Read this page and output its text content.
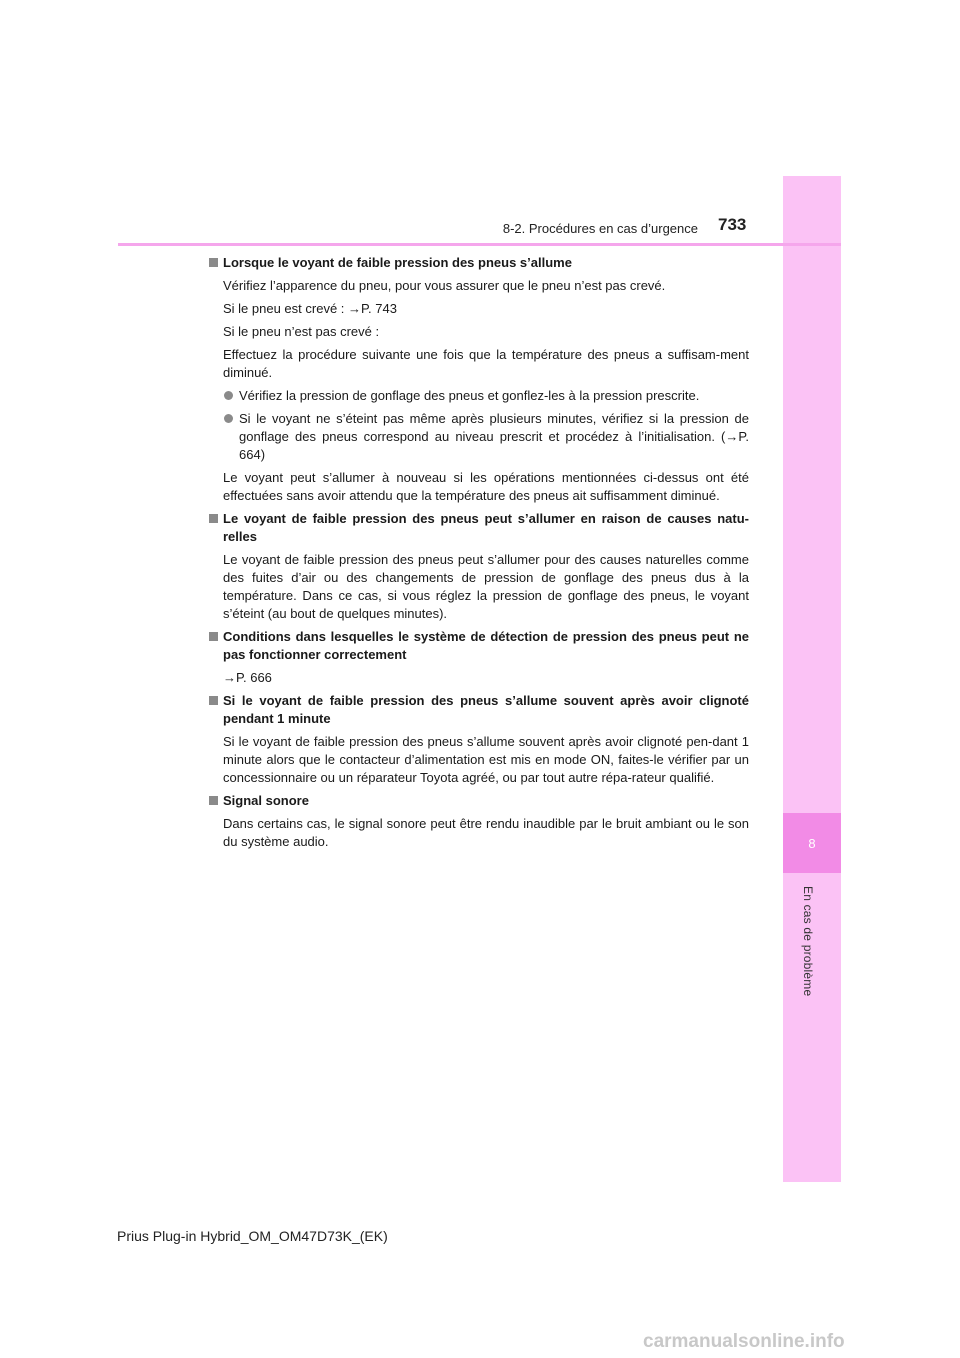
8
En cas de problème
8-2. Procédures en cas d’urgence 733
Lorsque le voyant de faible pression des pneus s’allume
Vérifiez l’apparence du pneu, pour vous assurer que le pneu n’est pas crevé.
Si le pneu est crevé : →P. 743
Si le pneu n’est pas crevé :
Effectuez la procédure suivante une fois que la température des pneus a suffisam-ment diminué.
Vérifiez la pression de gonflage des pneus et gonflez-les à la pression prescrite.
Si le voyant ne s’éteint pas même après plusieurs minutes, vérifiez si la pression de gonflage des pneus correspond au niveau prescrit et procédez à l’initialisation. (→P. 664)
Le voyant peut s’allumer à nouveau si les opérations mentionnées ci-dessus ont été effectuées sans avoir attendu que la température des pneus ait suffisamment diminué.
Le voyant de faible pression des pneus peut s’allumer en raison de causes natu-relles
Le voyant de faible pression des pneus peut s’allumer pour des causes naturelles comme des fuites d’air ou des changements de pression de gonflage des pneus dus à la température. Dans ce cas, si vous réglez la pression de gonflage des pneus, le voyant s’éteint (au bout de quelques minutes).
Conditions dans lesquelles le système de détection de pression des pneus peut ne pas fonctionner correctement
→P. 666
Si le voyant de faible pression des pneus s’allume souvent après avoir clignoté pendant 1 minute
Si le voyant de faible pression des pneus s’allume souvent après avoir clignoté pen-dant 1 minute alors que le contacteur d’alimentation est mis en mode ON, faites-le vérifier par un concessionnaire ou un réparateur Toyota agréé, ou par tout autre répa-rateur qualifié.
Signal sonore
Dans certains cas, le signal sonore peut être rendu inaudible par le bruit ambiant ou le son du système audio.
Prius Plug-in Hybrid_OM_OM47D73K_(EK)
carmanualsonline.info
